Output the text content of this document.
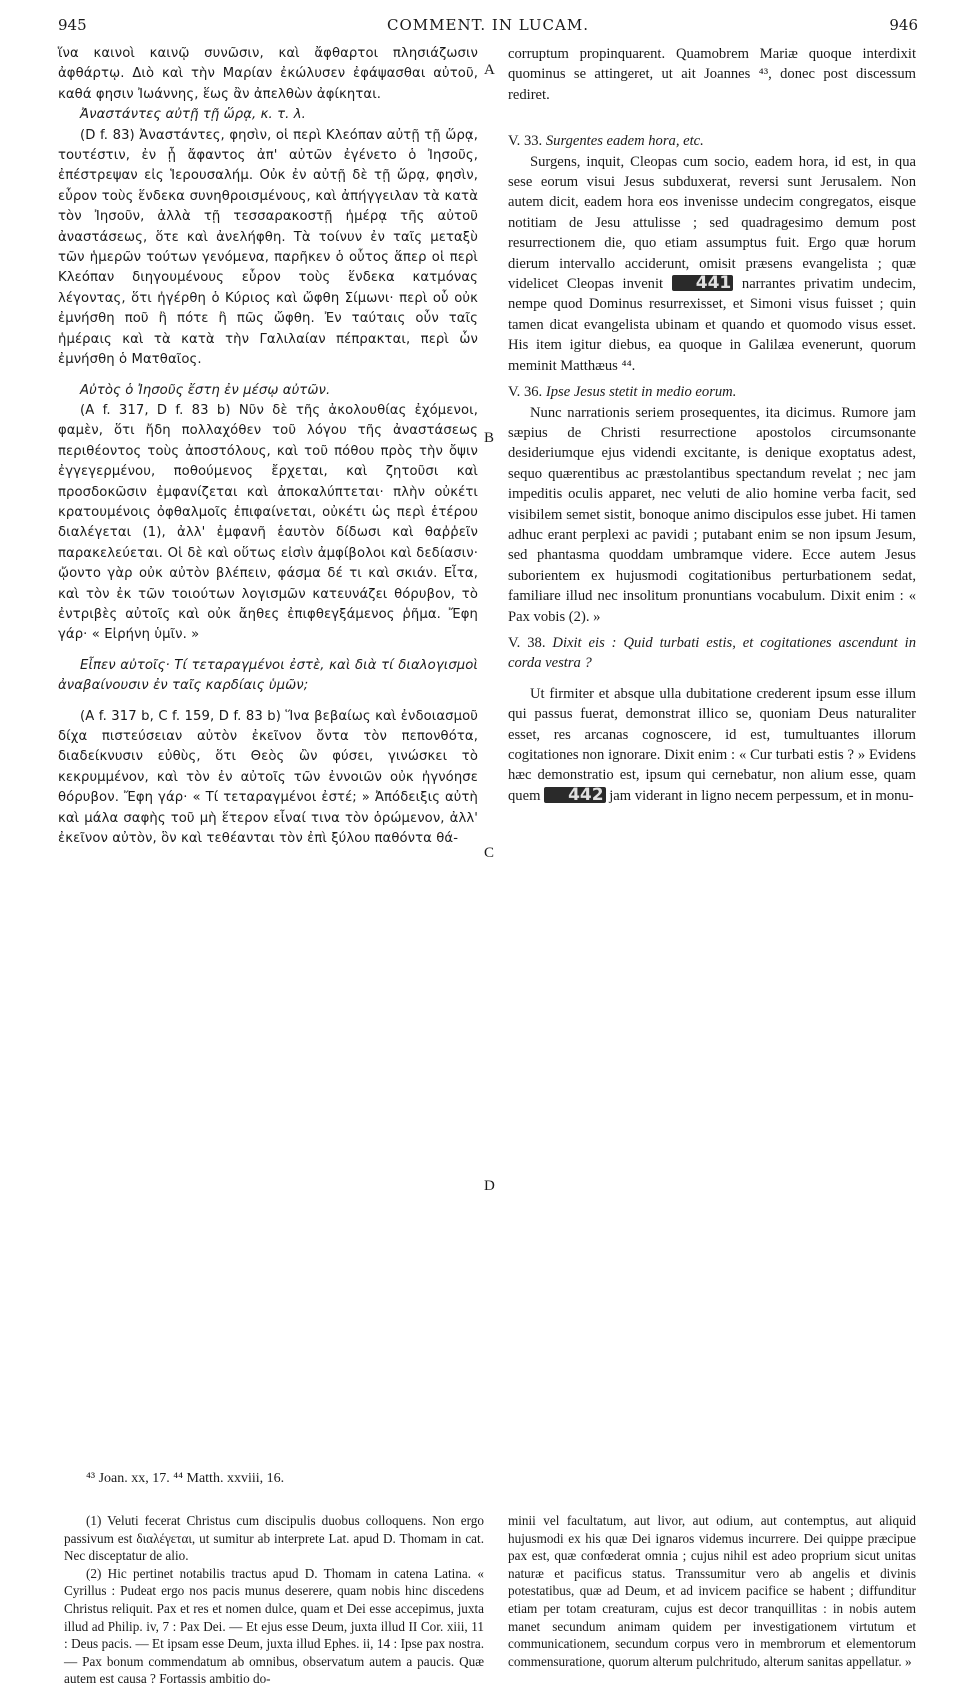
945	COMMENT. IN LUCAM.	946

ἵνα καινοὶ καινῷ συνῶσιν, καὶ ἄφθαρτοι πλησιάζωσιν ἀφθάρτῳ. Διὸ καὶ τὴν Μαρίαν ἐκώλυσεν ἐφάψασθαι αὐτοῦ, καθά φησιν Ἰωάννης, ἕως ἂν ἀπελθὼν ἀφίκηται.

Ἀναστάντες αὐτῇ τῇ ὥρᾳ, κ. τ. λ.

(D f. 83) Ἀναστάντες, φησὶν, οἱ περὶ Κλεόπαν αὐτῇ τῇ ὥρᾳ, τουτέστιν, ἐν ᾗ ἄφαντος ἀπ' αὐτῶν ἐγένετο ὁ Ἰησοῦς, ἐπέστρεψαν εἰς Ἱερουσαλήμ. Οὐκ ἐν αὐτῇ δὲ τῇ ὥρᾳ, φησὶν, εὗρον τοὺς ἕνδεκα συνηθροισμένους, καὶ ἀπήγγειλαν τὰ κατὰ τὸν Ἰησοῦν, ἀλλὰ τῇ τεσσαρακοστῇ ἡμέρᾳ τῆς αὐτοῦ ἀναστάσεως, ὅτε καὶ ἀνελήφθη. Τὰ τοίνυν ἐν ταῖς μεταξὺ τῶν ἡμερῶν τούτων γενόμενα, παρῆκεν ὁ οὗτος ἅπερ οἱ περὶ Κλεόπαν διηγουμένους εὗρον τοὺς ἕνδεκα κατμόνας λέγοντας, ὅτι ἠγέρθη ὁ Κύριος καὶ ὤφθη Σίμωνι· περὶ οὗ οὐκ ἐμνήσθη ποῦ ἢ πότε ἢ πῶς ὤφθη. Ἐν ταύταις οὖν ταῖς ἡμέραις καὶ τὰ κατὰ τὴν Γαλιλαίαν πέπρακται, περὶ ὧν ἐμνήσθη ὁ Ματθαῖος.

Αὐτὸς ὁ Ἰησοῦς ἔστη ἐν μέσῳ αὐτῶν.

(A f. 317, D f. 83 b) Νῦν δὲ τῆς ἀκολουθίας ἐχόμενοι, φαμὲν, ὅτι ἤδη πολλαχόθεν τοῦ λόγου τῆς ἀναστάσεως περιθέοντος τοὺς ἀποστόλους, καὶ τοῦ πόθου πρὸς τὴν ὄψιν ἐγγεγερμένου, ποθούμενος ἔρχεται, καὶ ζητοῦσι καὶ προσδοκῶσιν ἐμφανίζεται καὶ ἀποκαλύπτεται· πλὴν οὐκέτι κρατουμένοις ὀφθαλμοῖς ἐπιφαίνεται, οὐκέτι ὡς περὶ ἑτέρου διαλέγεται (1), ἀλλ' ἐμφανῆ ἑαυτὸν δίδωσι καὶ θαῤῥεῖν παρακελεύεται. Οἱ δὲ καὶ οὕτως εἰσὶν ἀμφίβολοι καὶ δεδίασιν· ᾤοντο γὰρ οὐκ αὐτὸν βλέπειν, φάσμα δέ τι καὶ σκιάν. Εἶτα, καὶ τὸν ἐκ τῶν τοιούτων λογισμῶν κατευνάζει θόρυβον, τὸ ἐντριβὲς αὐτοῖς καὶ οὐκ ἄηθες ἐπιφθεγξάμενος ῥῆμα. Ἔφη γάρ· « Εἰρήνη ὑμῖν. »

Εἶπεν αὐτοῖς· Τί τεταραγμένοι ἐστὲ, καὶ διὰ τί διαλογισμοὶ ἀναβαίνουσιν ἐν ταῖς καρδίαις ὑμῶν;

(A f. 317 b, C f. 159, D f. 83 b) Ἵνα βεβαίως καὶ ἐνδοιασμοῦ δίχα πιστεύσειαν αὐτὸν ἐκεῖνον ὄντα τὸν πεπονθότα, διαδείκνυσιν εὐθὺς, ὅτι Θεὸς ὢν φύσει, γινώσκει τὸ κεκρυμμένον, καὶ τὸν ἐν αὐτοῖς τῶν ἐννοιῶν οὐκ ἠγνόησε θόρυβον. Ἔφη γάρ· « Τί τεταραγμένοι ἐστέ; » Ἀπόδειξις αὐτὴ καὶ μάλα σαφὴς τοῦ μὴ ἕτερον εἶναί τινα τὸν ὁρώμενον, ἀλλ' ἐκεῖνον αὐτὸν, ὃν καὶ τεθέανται τὸν ἐπὶ ξύλου παθόντα θά-

A
B
C
D

corruptum propinquarent. Quamobrem Mariæ quoque interdixit quominus se attingeret, ut ait Joannes ⁴³, donec post discessum rediret.

V. 33. Surgentes eadem hora, etc.

Surgens, inquit, Cleopas cum socio, eadem hora, id est, in qua sese eorum visui Jesus subduxerat, reversi sunt Jerusalem. Non autem dicit, eadem hora eos invenisse undecim congregatos, eisque notitiam de Jesu attulisse ; sed quadragesimo demum post resurrectionem die, quo etiam assumptus fuit. Ergo quæ horum dierum intervallo acciderunt, omisit præsens evangelista ; quæ videlicet Cleopas invenit 441 narrantes privatim undecim, nempe quod Dominus resurrexisset, et Simoni visus fuisset ; quin tamen dicat evangelista ubinam et quando et quomodo visus esset. His item igitur diebus, ea quoque in Galilæa evenerunt, quorum meminit Matthæus ⁴⁴.

V. 36. Ipse Jesus stetit in medio eorum.

Nunc narrationis seriem prosequentes, ita dicimus. Rumore jam sæpius de Christi resurrectione apostolos circumsonante desideriumque ejus videndi excitante, is denique exoptatus adest, sequo quærentibus ac præstolantibus spectandum revelat ; nec jam impeditis oculis apparet, nec veluti de alio homine verba facit, sed visibilem semet sistit, bonoque animo discipulos esse jubet. Hi tamen adhuc erant perplexi ac pavidi ; putabant enim se non ipsum Jesum, sed phantasma quoddam umbramque videre. Ecce autem Jesus suborientem ex hujusmodi cogitationibus perturbationem sedat, familiare illud nec insolitum pronuntians vocabulum. Dixit enim : « Pax vobis (2). »

V. 38. Dixit eis : Quid turbati estis, et cogitationes ascendunt in corda vestra ?

Ut firmiter et absque ulla dubitatione crederent ipsum esse illum qui passus fuerat, demonstrat illico se, quoniam Deus naturaliter esset, res arcanas cognoscere, id est, tumultuantes illorum cogitationes non ignorare. Dixit enim : « Cur turbati estis ? » Evidens hæc demonstratio est, ipsum qui cernebatur, non alium esse, quam quem 442 jam viderant in ligno necem perpessum, et in monu-

⁴³ Joan. xx, 17. ⁴⁴ Matth. xxviii, 16.

(1) Veluti fecerat Christus cum discipulis duobus colloquens. Non ergo passivum est διαλέγεται, ut sumitur ab interprete Lat. apud D. Thomam in cat. Nec disceptatur de alio.

(2) Hic pertinet notabilis tractus apud D. Thomam in catena Latina. « Cyrillus : Pudeat ergo nos pacis munus deserere, quam nobis hinc discedens Christus reliquit. Pax et res et nomen dulce, quam et Dei esse accepimus, juxta illud ad Philip. iv, 7 : Pax Dei. — Et ejus esse Deum, juxta illud II Cor. xiii, 11 : Deus pacis. — Et ipsam esse Deum, juxta illud Ephes. ii, 14 : Ipse pax nostra. — Pax bonum commendatum ab omnibus, observatum autem a paucis. Quæ autem est causa ? Fortassis ambitio do-

minii vel facultatum, aut livor, aut odium, aut contemptus, aut aliquid hujusmodi ex his quæ Dei ignaros videmus incurrere. Dei quippe præcipue pax est, quæ confœderat omnia ; cujus nihil est adeo proprium sicut unitas naturæ et pacificus status. Transsumitur vero ab angelis et divinis potestatibus, quæ ad Deum, et ad invicem pacifice se habent ; diffunditur etiam per totam creaturam, cujus est decor tranquillitas : in nobis autem manet secundum animam quidem per investigationem virtutum et communicationem, secundum corpus vero in membrorum et elementorum commensuratione, quorum alterum pulchritudo, alterum sanitas appellatur. »
